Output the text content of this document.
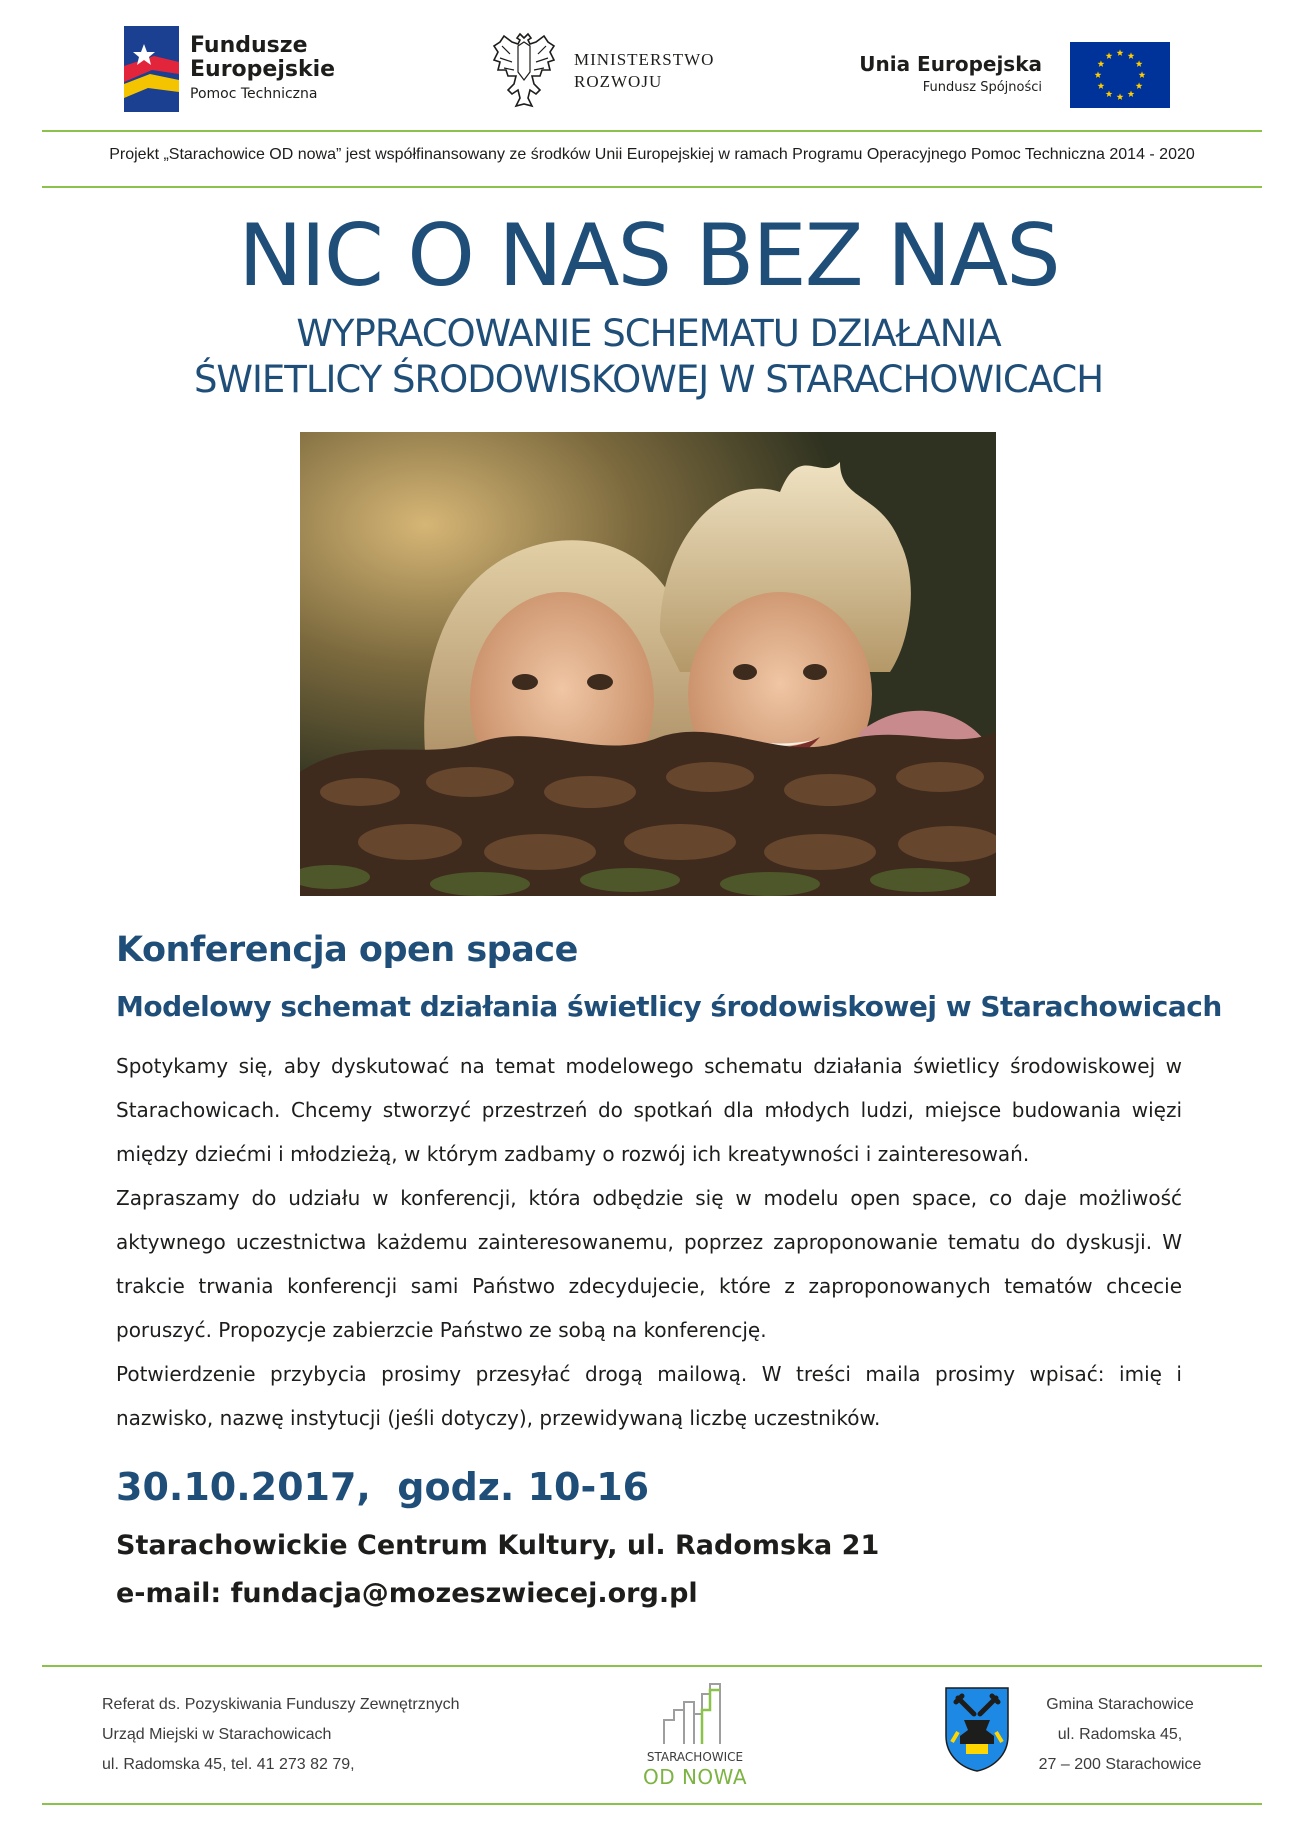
Fundusze
Europejskie
Pomoc Techniczna
MINISTERSTWO
ROZWOJU
Unia Europejska
Fundusz Spójności
Projekt „Starachowice OD nowa” jest współfinansowany ze środków Unii Europejskiej w ramach Programu Operacyjnego Pomoc Techniczna 2014 - 2020
NIC O NAS BEZ NAS
WYPRACOWANIE SCHEMATU DZIAŁANIA
ŚWIETLICY ŚRODOWISKOWEJ W STARACHOWICACH
Konferencja open space
Modelowy schemat działania świetlicy środowiskowej w Starachowicach
Spotykamy się, aby dyskutować na temat modelowego schematu działania świetlicy środowiskowej w Starachowicach. Chcemy stworzyć przestrzeń do spotkań dla młodych ludzi, miejsce budowania więzi między dziećmi i młodzieżą, w którym zadbamy o rozwój ich kreatywności i zainteresowań.
Zapraszamy do udziału w konferencji, która odbędzie się w modelu open space, co daje możliwość aktywnego uczestnictwa każdemu zainteresowanemu, poprzez zaproponowanie tematu do dyskusji. W trakcie trwania konferencji sami Państwo zdecydujecie, które z zaproponowanych tematów chcecie poruszyć. Propozycje zabierzcie Państwo ze sobą na konferencję.
Potwierdzenie przybycia prosimy przesyłać drogą mailową. W treści maila prosimy wpisać: imię i nazwisko, nazwę instytucji (jeśli dotyczy), przewidywaną liczbę uczestników.
30.10.2017,  godz. 10-16
Starachowickie Centrum Kultury, ul. Radomska 21
e-mail: fundacja@mozeszwiecej.org.pl
Referat ds. Pozyskiwania Funduszy Zewnętrznych
Urząd Miejski w Starachowicach
ul. Radomska 45, tel. 41 273 82 79,	STARACHOWICE
OD NOWA
Gmina Starachowice
ul. Radomska 45,
27 – 200 Starachowice
